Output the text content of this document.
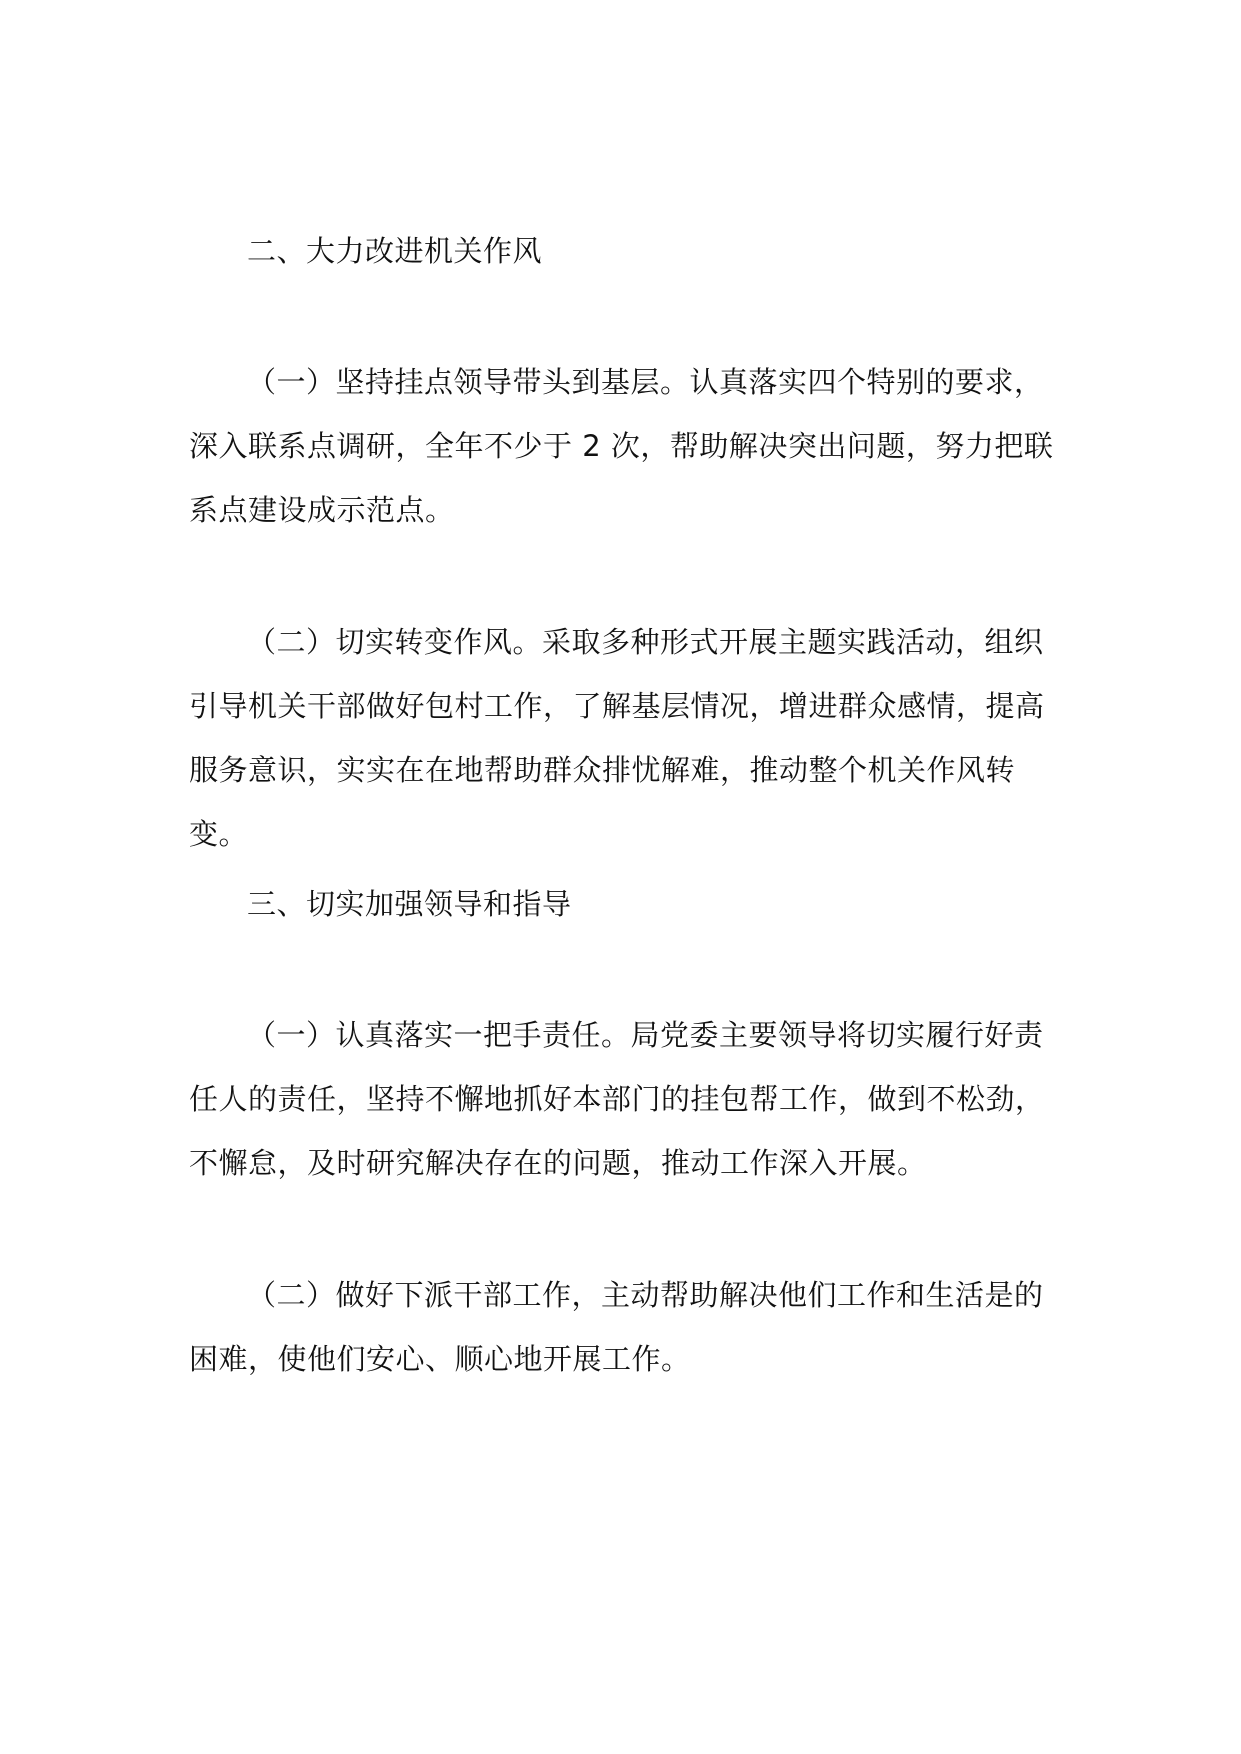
二、大力改进机关作风
（一）坚持挂点领导带头到基层。认真落实四个特别的要求，深入联系点调研，全年不少于 2 次，帮助解决突出问题，努力把联系点建设成示范点。
（二）切实转变作风。采取多种形式开展主题实践活动，组织引导机关干部做好包村工作，了解基层情况，增进群众感情，提高服务意识，实实在在地帮助群众排忧解难，推动整个机关作风转变。
三、切实加强领导和指导
（一）认真落实一把手责任。局党委主要领导将切实履行好责任人的责任，坚持不懈地抓好本部门的挂包帮工作，做到不松劲，不懈怠，及时研究解决存在的问题，推动工作深入开展。
（二）做好下派干部工作，主动帮助解决他们工作和生活是的困难，使他们安心、顺心地开展工作。
